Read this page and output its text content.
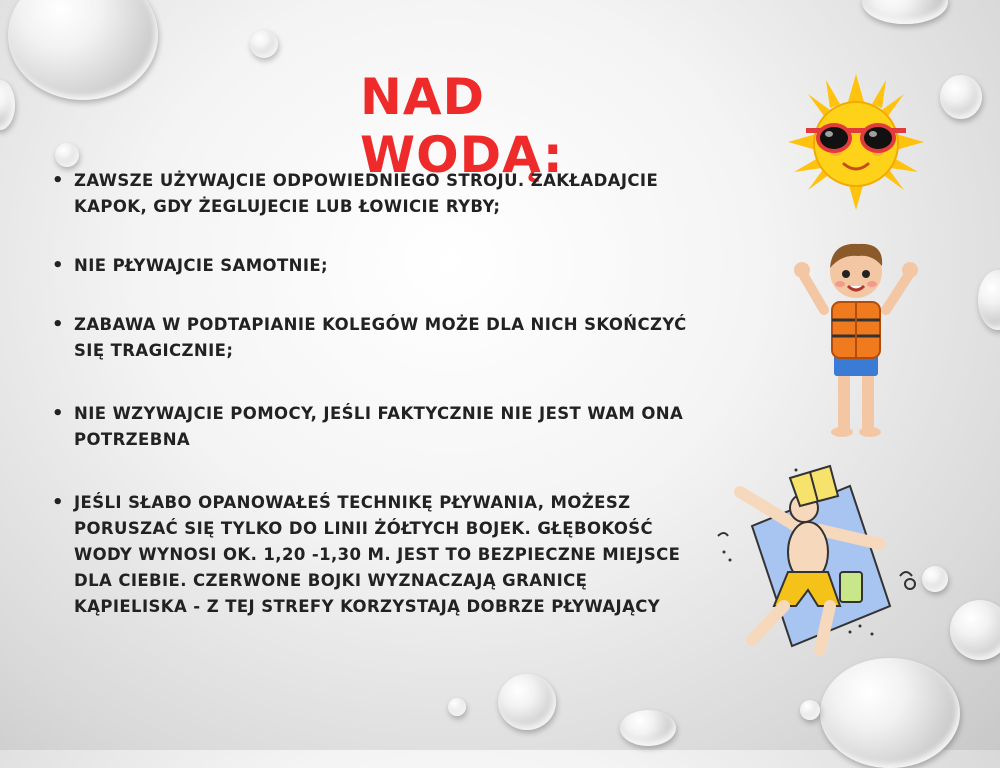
NAD WODĄ:
• ZAWSZE UŻYWAJCIE ODPOWIEDNIEGO STROJU. ZAKŁADAJCIE KAPOK, GDY ŻEGLUJECIE LUB ŁOWICIE RYBY;
• NIE PŁYWAJCIE SAMOTNIE;
• ZABAWA W PODTAPIANIE KOLEGÓW MOŻE DLA NICH SKOŃCZYĆ SIĘ TRAGICZNIE;
• NIE WZYWAJCIE POMOCY, JEŚLI FAKTYCZNIE NIE JEST WAM ONA POTRZEBNA
• JEŚLI SŁABO OPANOWAŁEŚ TECHNIKĘ PŁYWANIA, MOŻESZ PORUSZAĆ SIĘ TYLKO DO LINII ŻÓŁTYCH BOJEK. GŁĘBOKOŚĆ WODY WYNOSI OK. 1,20 -1,30 M. JEST TO BEZPIECZNE MIEJSCE DLA CIEBIE. CZERWONE BOJKI WYZNACZAJĄ GRANICĘ KĄPIELISKA - Z TEJ STREFY KORZYSTAJĄ DOBRZE PŁYWAJĄCY
